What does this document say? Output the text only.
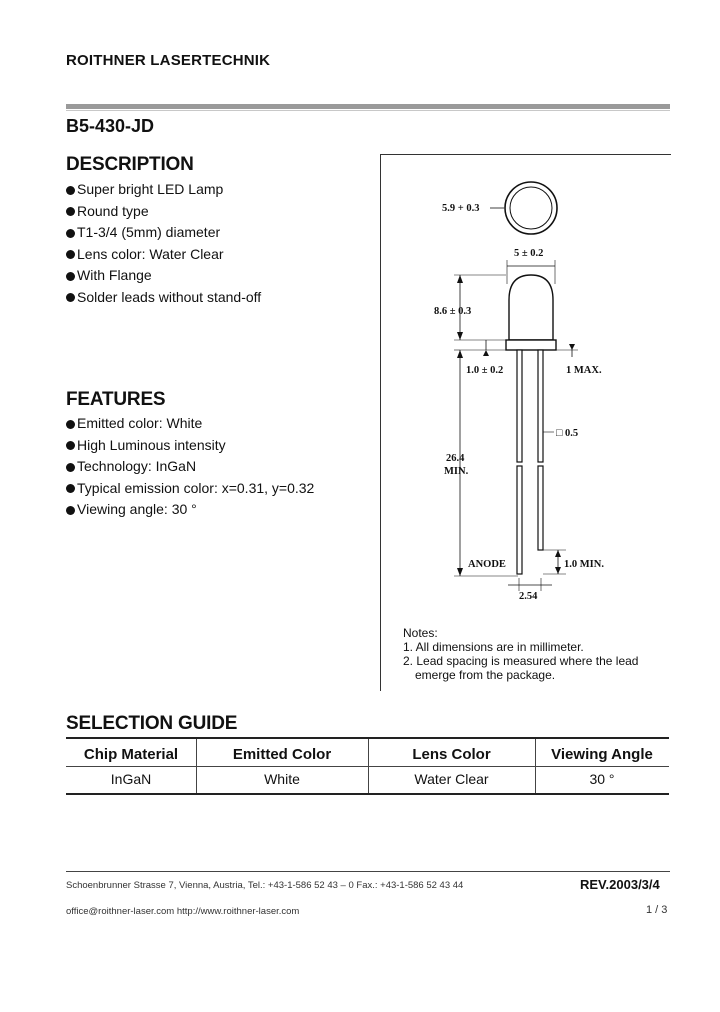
ROITHNER LASERTECHNIK
B5-430-JD
DESCRIPTION
Super bright LED Lamp
Round type
T1-3/4 (5mm) diameter
Lens color: Water Clear
With Flange
Solder leads without stand-off
FEATURES
Emitted color: White
High Luminous intensity
Technology: InGaN
Typical emission color: x=0.31, y=0.32
Viewing angle: 30 °
5.9 + 0.3
5 ± 0.2
8.6 ± 0.3
1.0 ± 0.2	1 MAX.
□ 0.5
26.4
MIN.
ANODE	1.0 MIN.
2.54
Notes:
1. All dimensions are in millimeter.
2. Lead spacing is measured where the lead
emerge from the package.
SELECTION GUIDE
Chip Material	Emitted Color	Lens Color	Viewing Angle
InGaN	White	Water Clear	30 °
Schoenbrunner Strasse 7, Vienna, Austria, Tel.: +43-1-586 52 43 – 0 Fax.: +43-1-586 52 43 44	REV.2003/3/4
office@roithner-laser.com http://www.roithner-laser.com	1 / 3
